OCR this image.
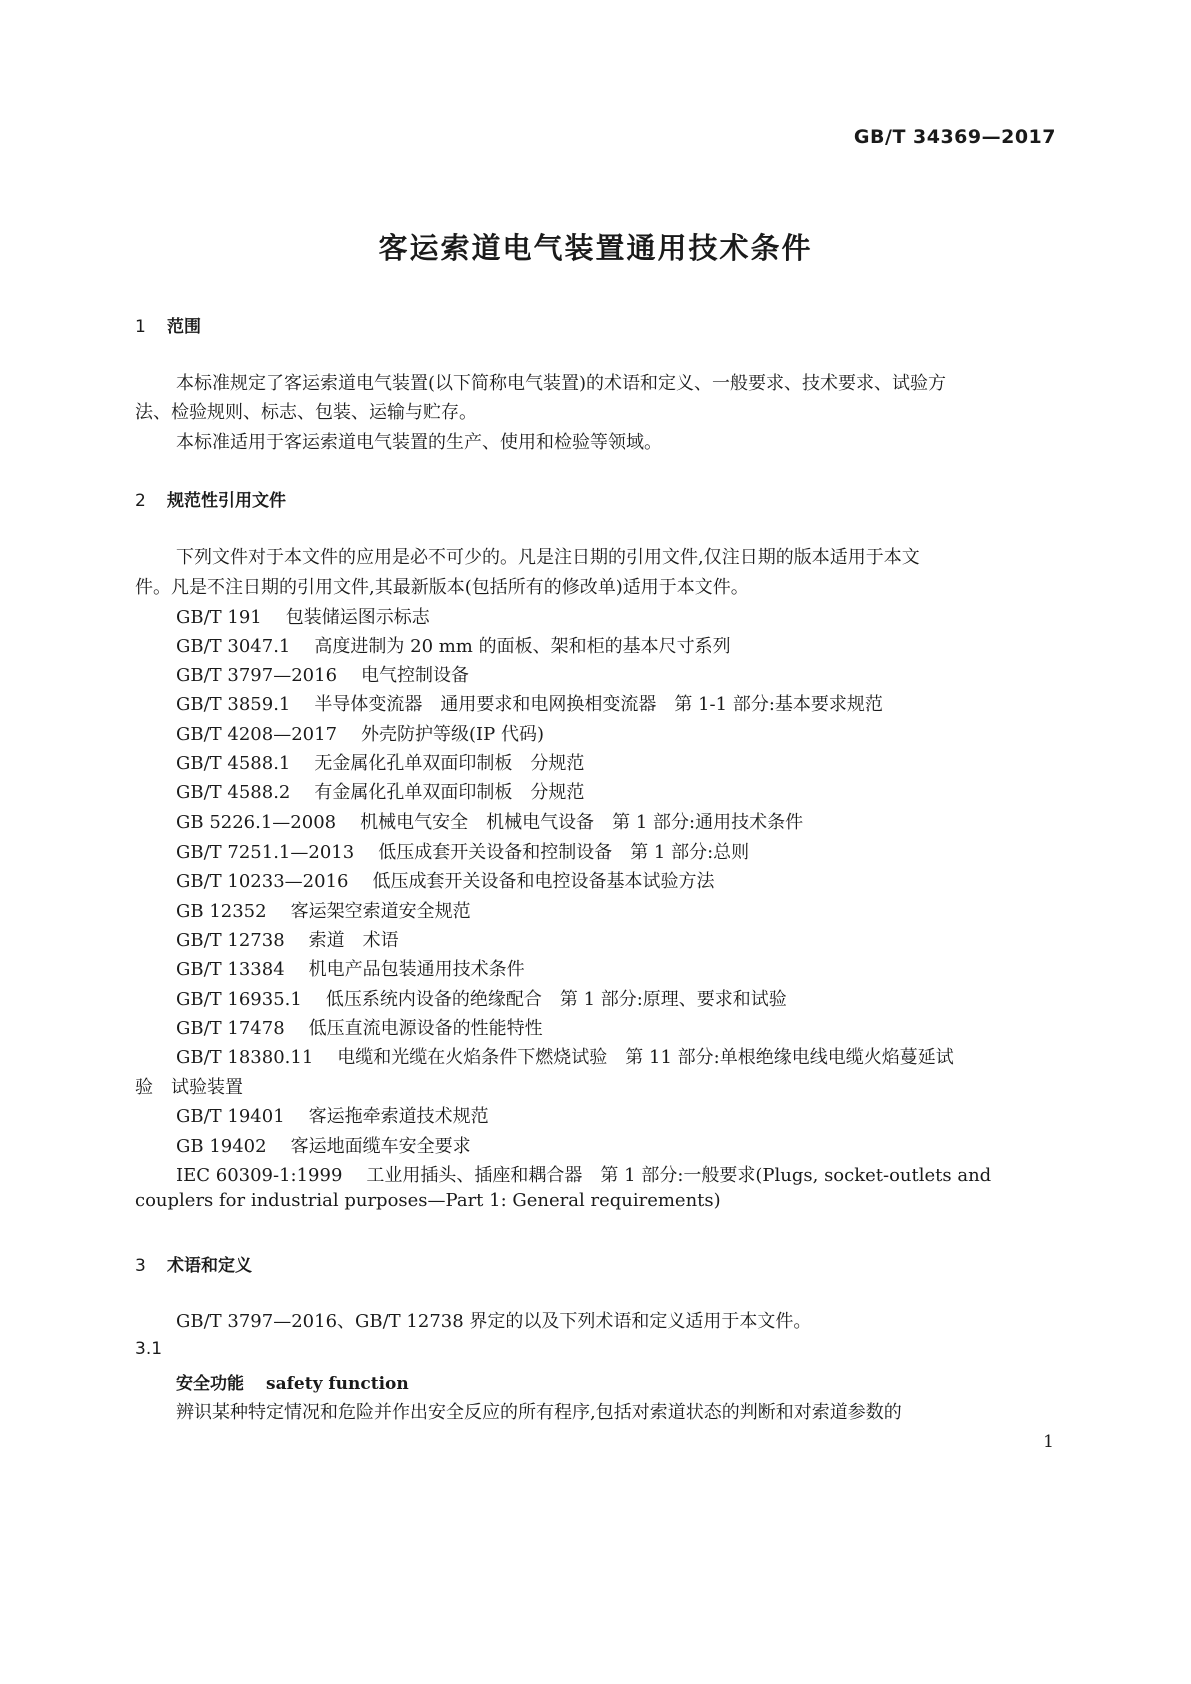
GB/T 34369—2017
客运索道电气装置通用技术条件
1 范围
本标准规定了客运索道电气装置(以下简称电气装置)的术语和定义、一般要求、技术要求、试验方
法、检验规则、标志、包装、运输与贮存。
本标准适用于客运索道电气装置的生产、使用和检验等领域。
2 规范性引用文件
下列文件对于本文件的应用是必不可少的。凡是注日期的引用文件,仅注日期的版本适用于本文
件。凡是不注日期的引用文件,其最新版本(包括所有的修改单)适用于本文件。
GB/T 191 包装储运图示标志
GB/T 3047.1 高度进制为 20 mm 的面板、架和柜的基本尺寸系列
GB/T 3797—2016 电气控制设备
GB/T 3859.1 半导体变流器　通用要求和电网换相变流器　第 1-1 部分:基本要求规范
GB/T 4208—2017 外壳防护等级(IP 代码)
GB/T 4588.1 无金属化孔单双面印制板　分规范
GB/T 4588.2 有金属化孔单双面印制板　分规范
GB 5226.1—2008 机械电气安全　机械电气设备　第 1 部分:通用技术条件
GB/T 7251.1—2013 低压成套开关设备和控制设备　第 1 部分:总则
GB/T 10233—2016 低压成套开关设备和电控设备基本试验方法
GB 12352 客运架空索道安全规范
GB/T 12738 索道　术语
GB/T 13384 机电产品包装通用技术条件
GB/T 16935.1 低压系统内设备的绝缘配合　第 1 部分:原理、要求和试验
GB/T 17478 低压直流电源设备的性能特性
GB/T 18380.11 电缆和光缆在火焰条件下燃烧试验　第 11 部分:单根绝缘电线电缆火焰蔓延试
验　试验装置
GB/T 19401 客运拖牵索道技术规范
GB 19402 客运地面缆车安全要求
IEC 60309-1:1999 工业用插头、插座和耦合器　第 1 部分:一般要求(Plugs, socket-outlets and
couplers for industrial purposes—Part 1: General requirements)
3 术语和定义
GB/T 3797—2016、GB/T 12738 界定的以及下列术语和定义适用于本文件。
3.1
安全功能 safety function
辨识某种特定情况和危险并作出安全反应的所有程序,包括对索道状态的判断和对索道参数的
1
